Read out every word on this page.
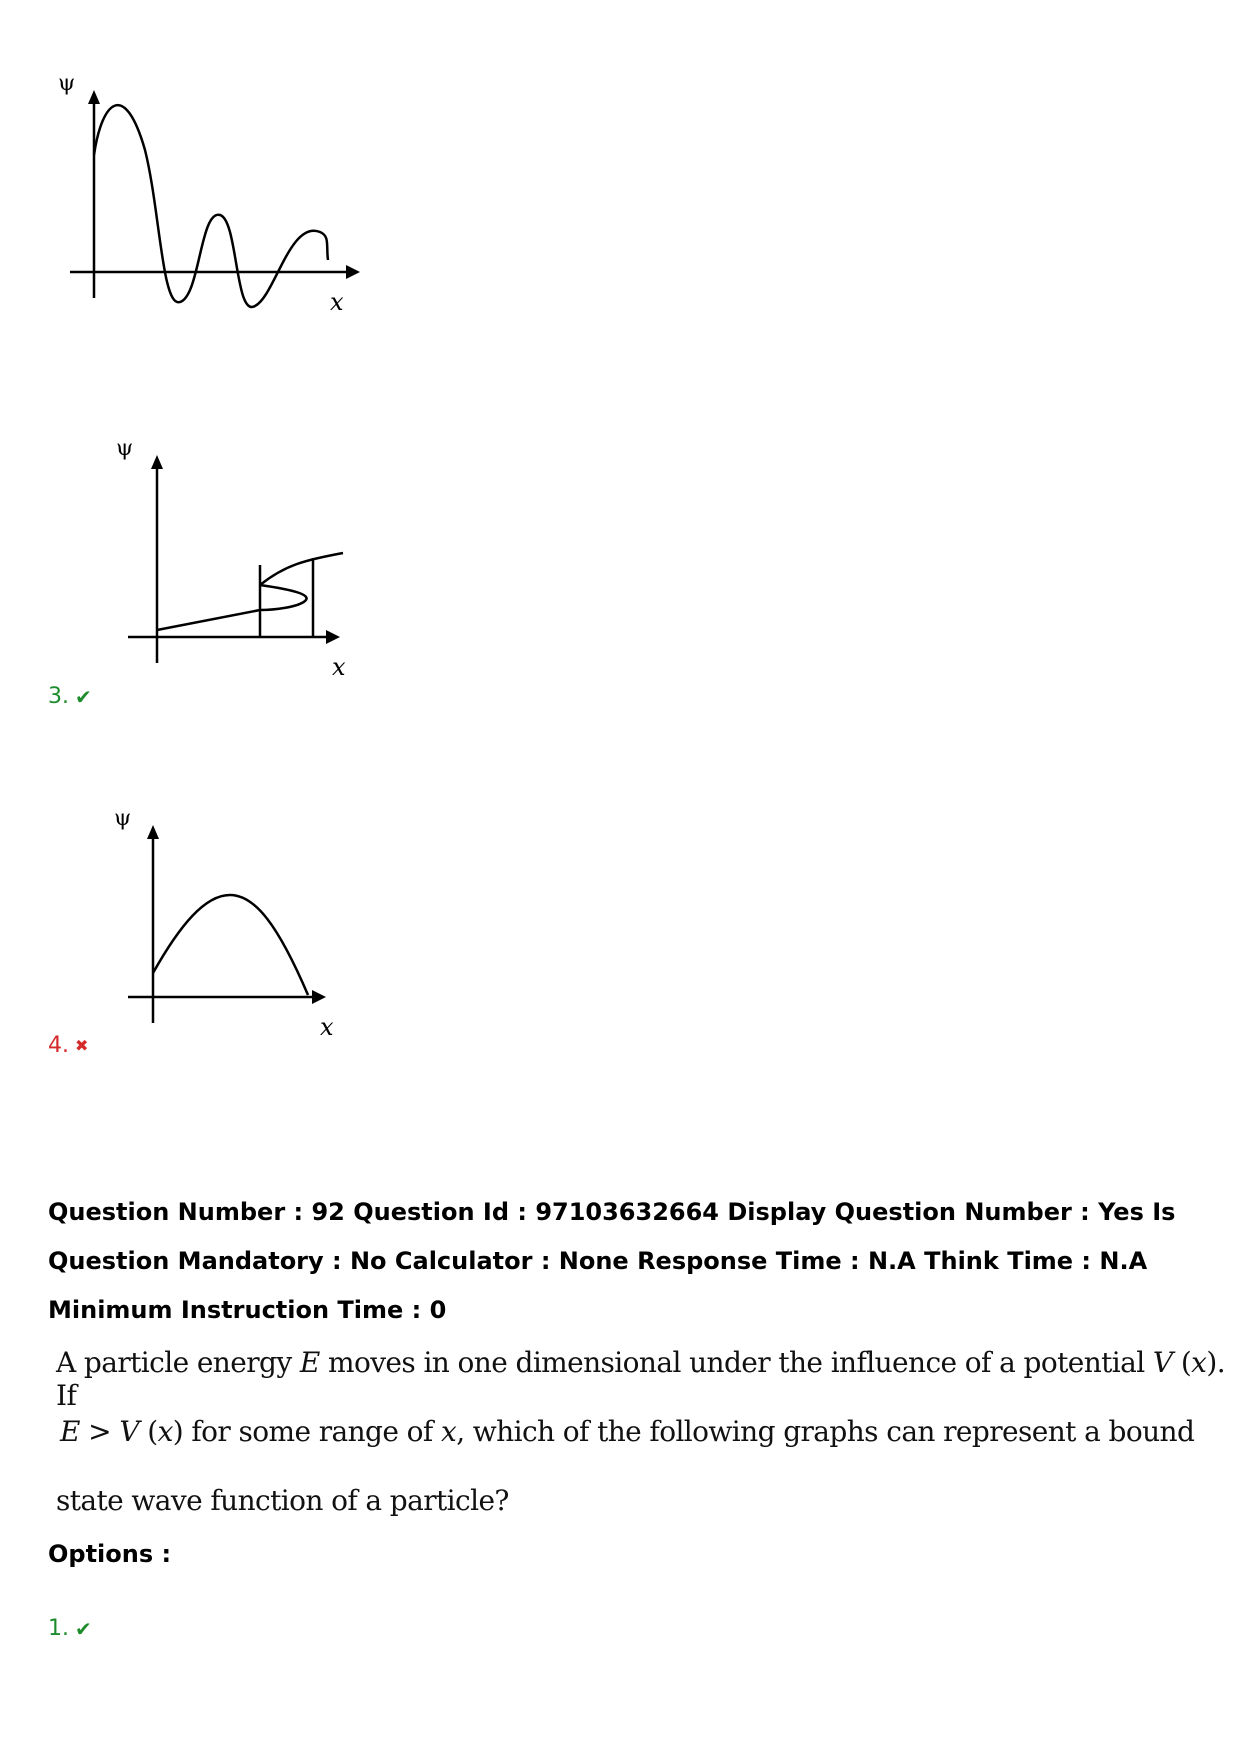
ψ
x
ψ
x
3. ✔
ψ
x
4. ✖
Question Number : 92 Question Id : 97103632664 Display Question Number : Yes Is Question Mandatory : No Calculator : None Response Time : N.A Think Time : N.A Minimum Instruction Time : 0
A particle energy E moves in one dimensional under the influence of a potential V (x). If
E > V (x) for some range of x, which of the following graphs can represent a bound
state wave function of a particle?
Options :
1. ✔
